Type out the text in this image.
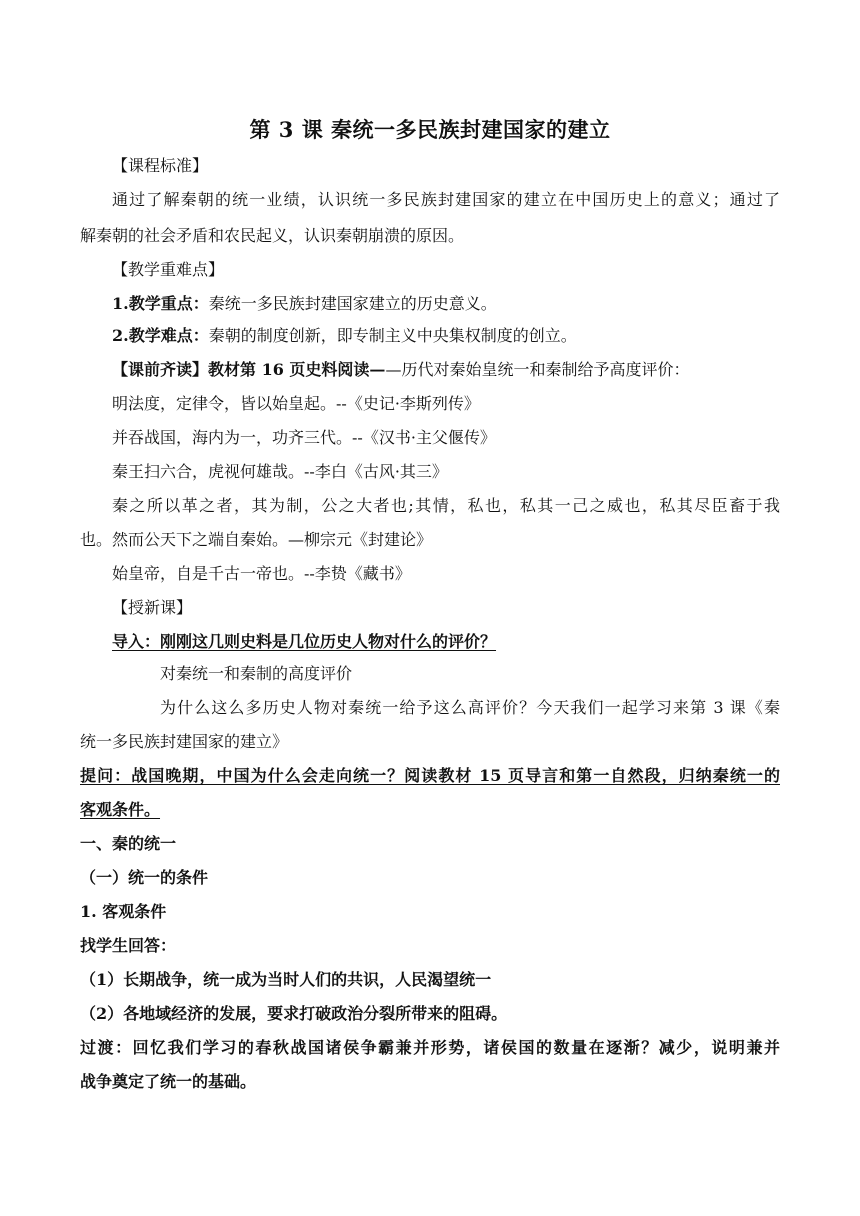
第 3 课 秦统一多民族封建国家的建立
【课程标准】
通过了解秦朝的统一业绩，认识统一多民族封建国家的建立在中国历史上的意义；通过了
解秦朝的社会矛盾和农民起义，认识秦朝崩溃的原因。
【教学重难点】
1.教学重点：秦统一多民族封建国家建立的历史意义。
2.教学难点：秦朝的制度创新，即专制主义中央集权制度的创立。
【课前齐读】教材第 16 页史料阅读——历代对秦始皇统一和秦制给予高度评价：
明法度，定律令，皆以始皇起。--《史记·李斯列传》
并吞战国，海内为一，功齐三代。--《汉书·主父偃传》
秦王扫六合，虎视何雄哉。--李白《古风·其三》
秦之所以革之者，其为制，公之大者也;其情，私也，私其一己之威也，私其尽臣畜于我
也。然而公天下之端自秦始。—柳宗元《封建论》
始皇帝，自是千古一帝也。--李贽《藏书》
【授新课】
导入：刚刚这几则史料是几位历史人物对什么的评价？
对秦统一和秦制的高度评价
为什么这么多历史人物对秦统一给予这么高评价？今天我们一起学习来第 3 课《秦
统一多民族封建国家的建立》
提问：战国晚期，中国为什么会走向统一？阅读教材 15 页导言和第一自然段，归纳秦统一的
客观条件。
一、秦的统一
（一）统一的条件
1. 客观条件
找学生回答：
（1）长期战争，统一成为当时人们的共识，人民渴望统一
（2）各地域经济的发展，要求打破政治分裂所带来的阻碍。
过渡：回忆我们学习的春秋战国诸侯争霸兼并形势，诸侯国的数量在逐渐？减少，说明兼并
战争奠定了统一的基础。
